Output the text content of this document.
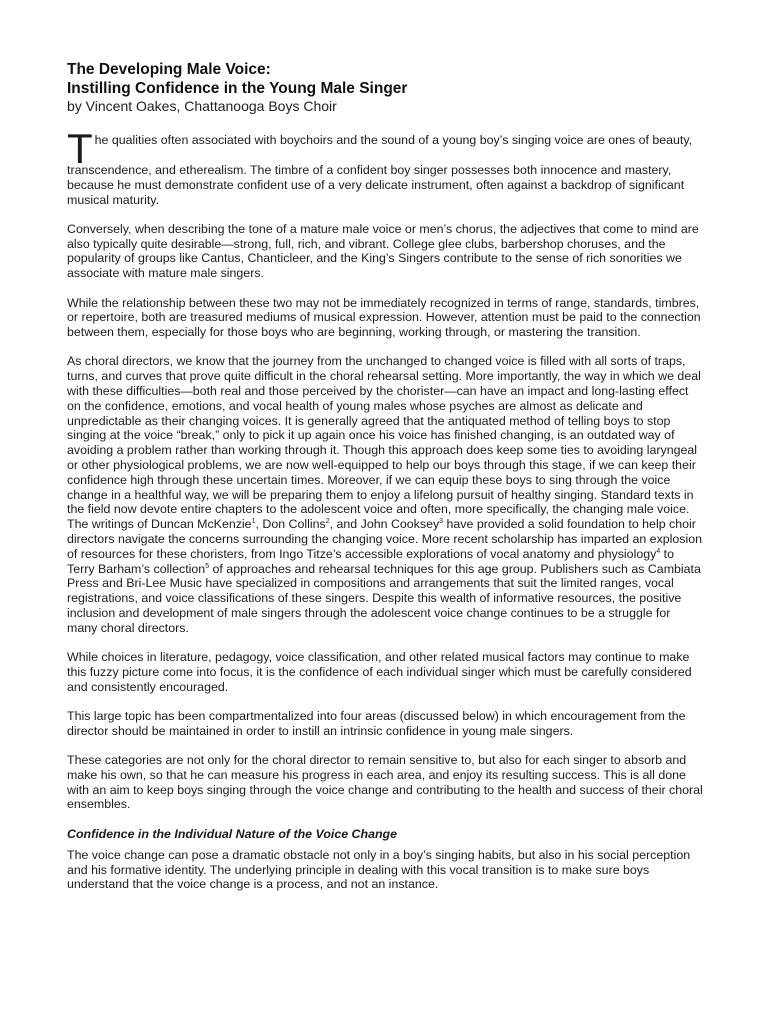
The Developing Male Voice:

Instilling Confidence in the Young Male Singer

by Vincent Oakes, Chattanooga Boys Choir

The qualities often associated with boychoirs and the sound of a young boy’s singing voice are ones of beauty, transcendence, and etherealism. The timbre of a confident boy singer possesses both innocence and mastery, because he must demonstrate confident use of a very delicate instrument, often against a backdrop of significant musical maturity.

Conversely, when describing the tone of a mature male voice or men’s chorus, the adjectives that come to mind are also typically quite desirable—strong, full, rich, and vibrant. College glee clubs, barbershop choruses, and the popularity of groups like Cantus, Chanticleer, and the King’s Singers contribute to the sense of rich sonorities we associate with mature male singers.

While the relationship between these two may not be immediately recognized in terms of range, standards, timbres, or repertoire, both are treasured mediums of musical expression. However, attention must be paid to the connection between them, especially for those boys who are beginning, working through, or mastering the transition.

As choral directors, we know that the journey from the unchanged to changed voice is filled with all sorts of traps, turns, and curves that prove quite difficult in the choral rehearsal setting. More importantly, the way in which we deal with these difficulties—both real and those perceived by the chorister—can have an impact and long-lasting effect on the confidence, emotions, and vocal health of young males whose psyches are almost as delicate and unpredictable as their changing voices. It is generally agreed that the antiquated method of telling boys to stop singing at the voice “break,” only to pick it up again once his voice has finished changing, is an outdated way of avoiding a problem rather than working through it. Though this approach does keep some ties to avoiding laryngeal or other physiological problems, we are now well-equipped to help our boys through this stage, if we can keep their confidence high through these uncertain times. Moreover, if we can equip these boys to sing through the voice change in a healthful way, we will be preparing them to enjoy a lifelong pursuit of healthy singing. Standard texts in the field now devote entire chapters to the adolescent voice and often, more specifically, the changing male voice. The writings of Duncan McKenzie$^1$, Don Collins$^2$, and John Cooksey$^3$ have provided a solid foundation to help choir directors navigate the concerns surrounding the changing voice. More recent scholarship has imparted an explosion of resources for these choristers, from Ingo Titze’s accessible explorations of vocal anatomy and physiology$^4$ to Terry Barham’s collection$^5$ of approaches and rehearsal techniques for this age group. Publishers such as Cambiata Press and Bri-Lee Music have specialized in compositions and arrangements that suit the limited ranges, vocal registrations, and voice classifications of these singers. Despite this wealth of informative resources, the positive inclusion and development of male singers through the adolescent voice change continues to be a struggle for many choral directors.

While choices in literature, pedagogy, voice classification, and other related musical factors may continue to make this fuzzy picture come into focus, it is the confidence of each individual singer which must be carefully considered and consistently encouraged.

This large topic has been compartmentalized into four areas (discussed below) in which encouragement from the director should be maintained in order to instill an intrinsic confidence in young male singers.

These categories are not only for the choral director to remain sensitive to, but also for each singer to absorb and make his own, so that he can measure his progress in each area, and enjoy its resulting success. This is all done with an aim to keep boys singing through the voice change and contributing to the health and success of their choral ensembles.

Confidence in the Individual Nature of the Voice Change

The voice change can pose a dramatic obstacle not only in a boy’s singing habits, but also in his social perception and his formative identity. The underlying principle in dealing with this vocal transition is to make sure boys understand that the voice change is a process, and not an instance.
